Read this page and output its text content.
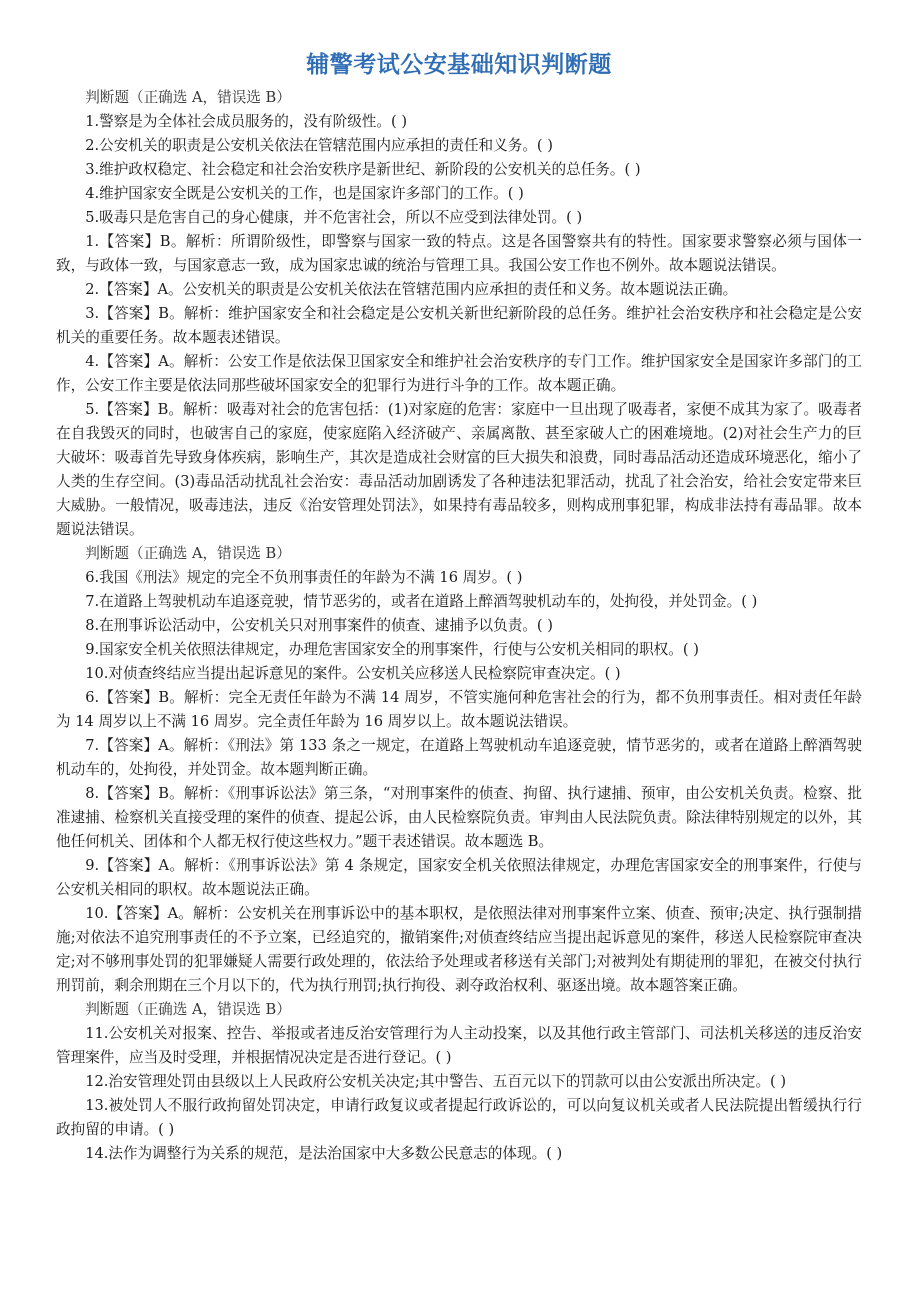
辅警考试公安基础知识判断题

判断题（正确选 A，错误选 B）

1.警察是为全体社会成员服务的，没有阶级性。( )

2.公安机关的职责是公安机关依法在管辖范围内应承担的责任和义务。( )

3.维护政权稳定、社会稳定和社会治安秩序是新世纪、新阶段的公安机关的总任务。( )

4.维护国家安全既是公安机关的工作，也是国家许多部门的工作。( )

5.吸毒只是危害自己的身心健康，并不危害社会，所以不应受到法律处罚。( )

1.【答案】B。解析：所谓阶级性，即警察与国家一致的特点。这是各国警察共有的特性。国家要求警察必须与国体一致，与政体一致，与国家意志一致，成为国家忠诚的统治与管理工具。我国公安工作也不例外。故本题说法错误。

2.【答案】A。公安机关的职责是公安机关依法在管辖范围内应承担的责任和义务。故本题说法正确。

3.【答案】B。解析：维护国家安全和社会稳定是公安机关新世纪新阶段的总任务。维护社会治安秩序和社会稳定是公安机关的重要任务。故本题表述错误。

4.【答案】A。解析：公安工作是依法保卫国家安全和维护社会治安秩序的专门工作。维护国家安全是国家许多部门的工作，公安工作主要是依法同那些破坏国家安全的犯罪行为进行斗争的工作。故本题正确。

5.【答案】B。解析：吸毒对社会的危害包括：(1)对家庭的危害：家庭中一旦出现了吸毒者，家便不成其为家了。吸毒者在自我毁灭的同时，也破害自己的家庭，使家庭陷入经济破产、亲属离散、甚至家破人亡的困难境地。(2)对社会生产力的巨大破坏：吸毒首先导致身体疾病，影响生产，其次是造成社会财富的巨大损失和浪费，同时毒品活动还造成环境恶化，缩小了人类的生存空间。(3)毒品活动扰乱社会治安：毒品活动加剧诱发了各种违法犯罪活动，扰乱了社会治安，给社会安定带来巨大威胁。一般情况，吸毒违法，违反《治安管理处罚法》，如果持有毒品较多，则构成刑事犯罪，构成非法持有毒品罪。故本题说法错误。

判断题（正确选 A，错误选 B）

6.我国《刑法》规定的完全不负刑事责任的年龄为不满 16 周岁。( )

7.在道路上驾驶机动车追逐竞驶，情节恶劣的，或者在道路上醉酒驾驶机动车的，处拘役，并处罚金。( )

8.在刑事诉讼活动中，公安机关只对刑事案件的侦查、逮捕予以负责。( )

9.国家安全机关依照法律规定，办理危害国家安全的刑事案件，行使与公安机关相同的职权。( )

10.对侦查终结应当提出起诉意见的案件。公安机关应移送人民检察院审查决定。( )

6.【答案】B。解析：完全无责任年龄为不满 14 周岁，不管实施何种危害社会的行为，都不负刑事责任。相对责任年龄为 14 周岁以上不满 16 周岁。完全责任年龄为 16 周岁以上。故本题说法错误。

7.【答案】A。解析：《刑法》第 133 条之一规定，在道路上驾驶机动车追逐竞驶，情节恶劣的，或者在道路上醉酒驾驶机动车的，处拘役，并处罚金。故本题判断正确。

8.【答案】B。解析：《刑事诉讼法》第三条，“对刑事案件的侦查、拘留、执行逮捕、预审，由公安机关负责。检察、批准逮捕、检察机关直接受理的案件的侦查、提起公诉，由人民检察院负责。审判由人民法院负责。除法律特别规定的以外，其他任何机关、团体和个人都无权行使这些权力。”题干表述错误。故本题选 B。

9.【答案】A。解析：《刑事诉讼法》第 4 条规定，国家安全机关依照法律规定，办理危害国家安全的刑事案件，行使与公安机关相同的职权。故本题说法正确。

10.【答案】A。解析：公安机关在刑事诉讼中的基本职权，是依照法律对刑事案件立案、侦查、预审;决定、执行强制措施;对依法不追究刑事责任的不予立案，已经追究的，撤销案件;对侦查终结应当提出起诉意见的案件，移送人民检察院审查决定;对不够刑事处罚的犯罪嫌疑人需要行政处理的，依法给予处理或者移送有关部门;对被判处有期徒刑的罪犯，在被交付执行刑罚前，剩余刑期在三个月以下的，代为执行刑罚;执行拘役、剥夺政治权利、驱逐出境。故本题答案正确。

判断题（正确选 A，错误选 B）

11.公安机关对报案、控告、举报或者违反治安管理行为人主动投案，以及其他行政主管部门、司法机关移送的违反治安管理案件，应当及时受理，并根据情况决定是否进行登记。( )

12.治安管理处罚由县级以上人民政府公安机关决定;其中警告、五百元以下的罚款可以由公安派出所决定。( )

13.被处罚人不服行政拘留处罚决定，申请行政复议或者提起行政诉讼的，可以向复议机关或者人民法院提出暂缓执行行政拘留的申请。( )

14.法作为调整行为关系的规范，是法治国家中大多数公民意志的体现。( )
